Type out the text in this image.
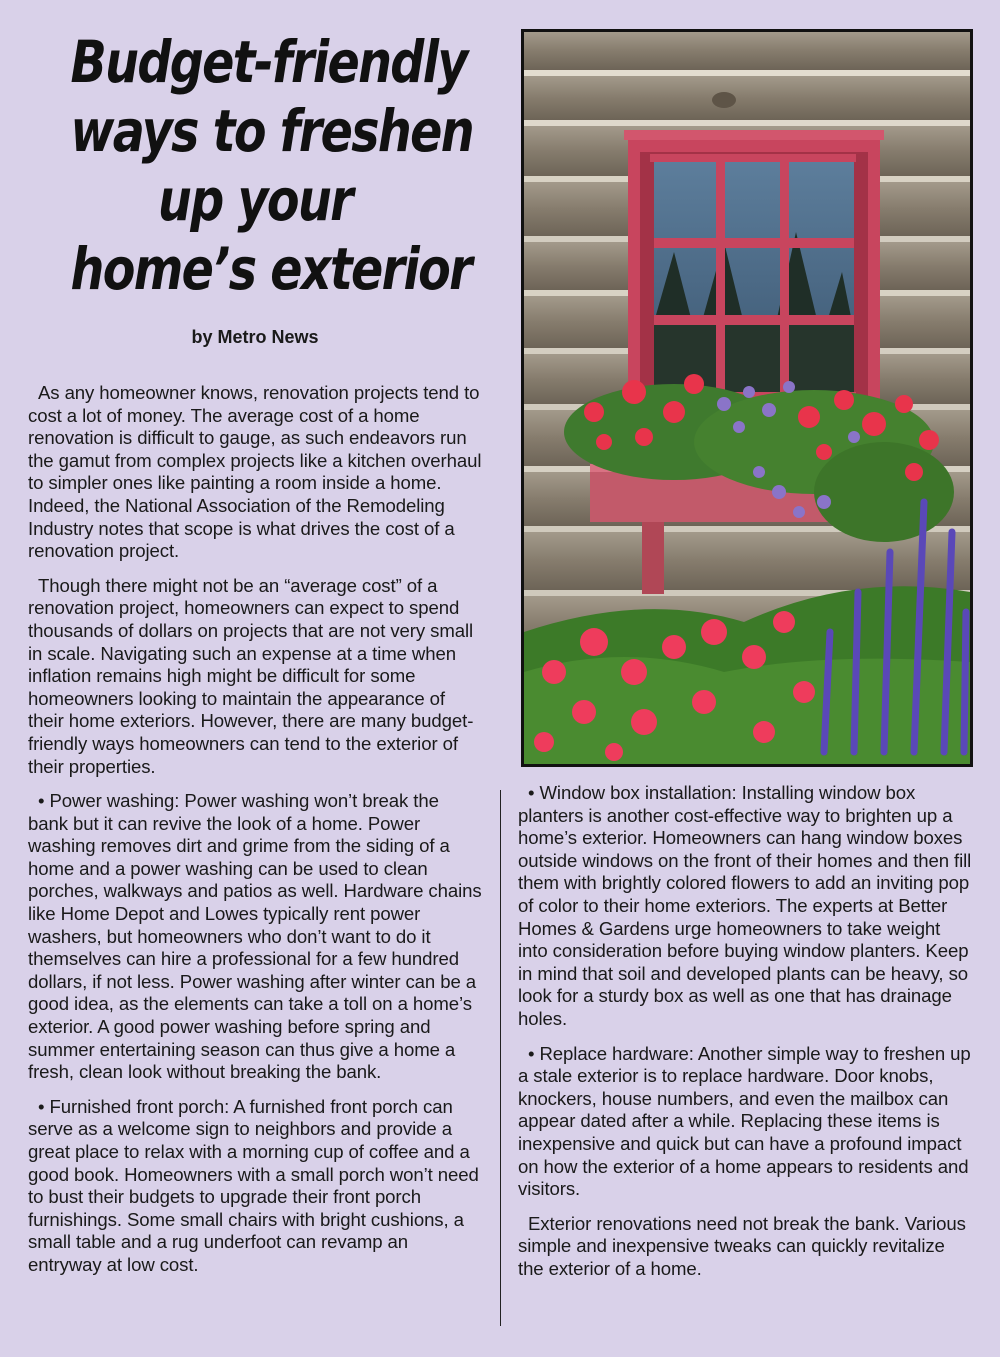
Budget-friendly
ways to freshen
up your
home’s exterior
by Metro News

As any homeowner knows, renovation projects tend to cost a lot of money. The average cost of a home renovation is difficult to gauge, as such endeavors run the gamut from complex projects like a kitchen overhaul to simpler ones like painting a room inside a home. Indeed, the National Association of the Remodeling Industry notes that scope is what drives the cost of a renovation project.

Though there might not be an “average cost” of a renovation project, homeowners can expect to spend thousands of dollars on projects that are not very small in scale. Navigating such an expense at a time when inflation remains high might be difficult for some homeowners looking to maintain the appearance of their home exteriors. However, there are many budget-friendly ways homeowners can tend to the exterior of their properties.

• Power washing: Power washing won’t break the bank but it can revive the look of a home. Power washing removes dirt and grime from the siding of a home and a power washing can be used to clean porches, walkways and patios as well. Hardware chains like Home Depot and Lowes typically rent power washers, but homeowners who don’t want to do it themselves can hire a professional for a few hundred dollars, if not less. Power washing after winter can be a good idea, as the elements can take a toll on a home’s exterior. A good power washing before spring and summer entertaining season can thus give a home a fresh, clean look without breaking the bank.

• Furnished front porch: A furnished front porch can serve as a welcome sign to neighbors and provide a great place to relax with a morning cup of coffee and a good book. Homeowners with a small porch won’t need to bust their budgets to upgrade their front porch furnishings. Some small chairs with bright cushions, a small table and a rug underfoot can revamp an entryway at low cost.

• Window box installation: Installing window box planters is another cost-effective way to brighten up a home’s exterior. Homeowners can hang window boxes outside windows on the front of their homes and then fill them with brightly colored flowers to add an inviting pop of color to their home exteriors. The experts at Better Homes & Gardens urge homeowners to take weight into consideration before buying window planters. Keep in mind that soil and developed plants can be heavy, so look for a sturdy box as well as one that has drainage holes.

• Replace hardware: Another simple way to freshen up a stale exterior is to replace hardware. Door knobs, knockers, house numbers, and even the mailbox can appear dated after a while. Replacing these items is inexpensive and quick but can have a profound impact on how the exterior of a home appears to residents and visitors.

Exterior renovations need not break the bank. Various simple and inexpensive tweaks can quickly revitalize the exterior of a home.
